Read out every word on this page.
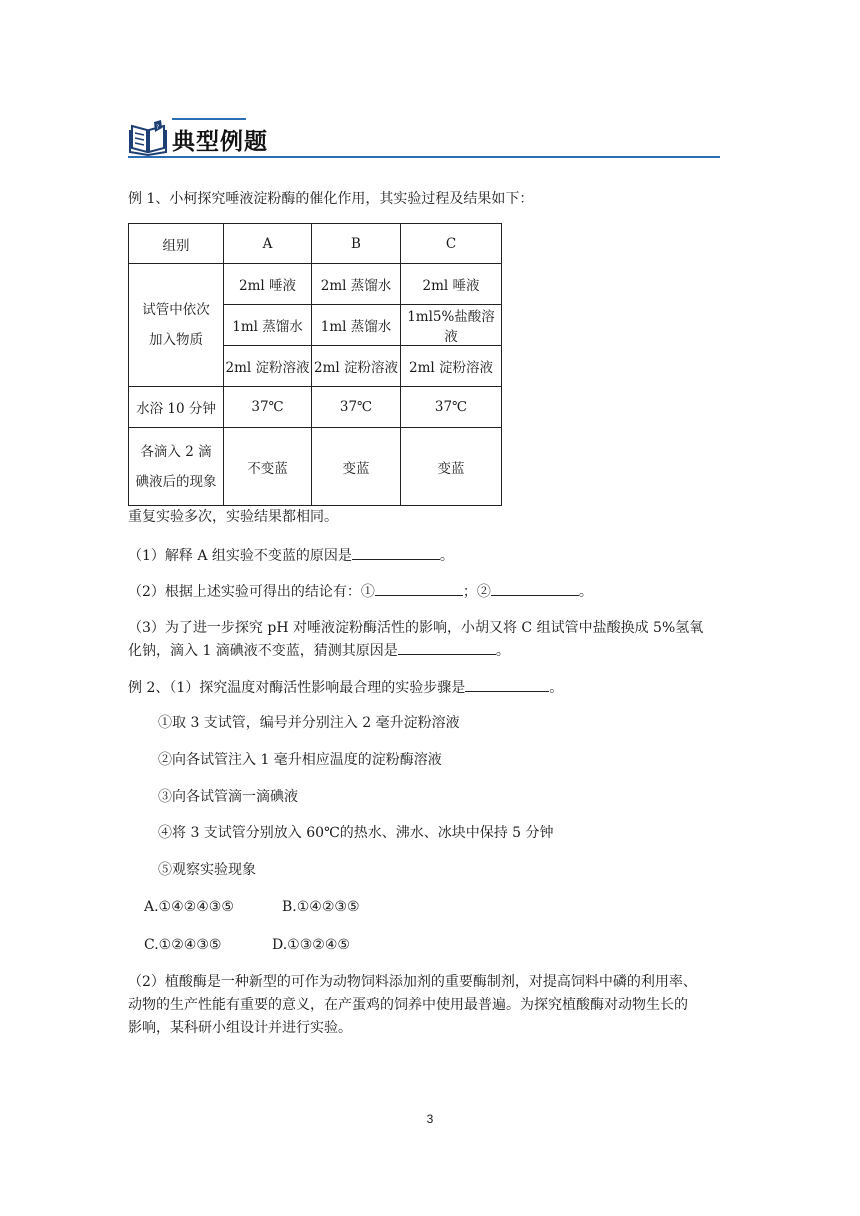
?
典型例题
例 1、小柯探究唾液淀粉酶的催化作用，其实验过程及结果如下：
组别	A	B	C

试管中依次
加入物质	2ml 唾液	2ml 蒸馏水	2ml 唾液
	1ml 蒸馏水	1ml 蒸馏水	1ml5%盐酸溶液
	2ml 淀粉溶液	2ml 淀粉溶液	2ml 淀粉溶液
水浴 10 分钟	37℃	37℃	37℃

各滴入 2 滴
碘液后的现象	不变蓝	变蓝	变蓝
重复实验多次，实验结果都相同。
（1）解释 A 组实验不变蓝的原因是	。
（2）根据上述实验可得出的结论有：①	；②	。
（3）为了进一步探究 pH 对唾液淀粉酶活性的影响，小胡又将 C 组试管中盐酸换成 5%氢氧
化钠，滴入 1 滴碘液不变蓝，猜测其原因是	。
例 2、（1）探究温度对酶活性影响最合理的实验步骤是	。
①取 3 支试管，编号并分别注入 2 毫升淀粉溶液
②向各试管注入 1 毫升相应温度的淀粉酶溶液
③向各试管滴一滴碘液
④将 3 支试管分别放入 60℃的热水、沸水、冰块中保持 5 分钟
⑤观察实验现象
A.①④②④③⑤	B.①④②③⑤
C.①②④③⑤	D.①③②④⑤
（2）植酸酶是一种新型的可作为动物饲料添加剂的重要酶制剂，对提高饲料中磷的利用率、
动物的生产性能有重要的意义，在产蛋鸡的饲养中使用最普遍。为探究植酸酶对动物生长的
影响，某科研小组设计并进行实验。
3
